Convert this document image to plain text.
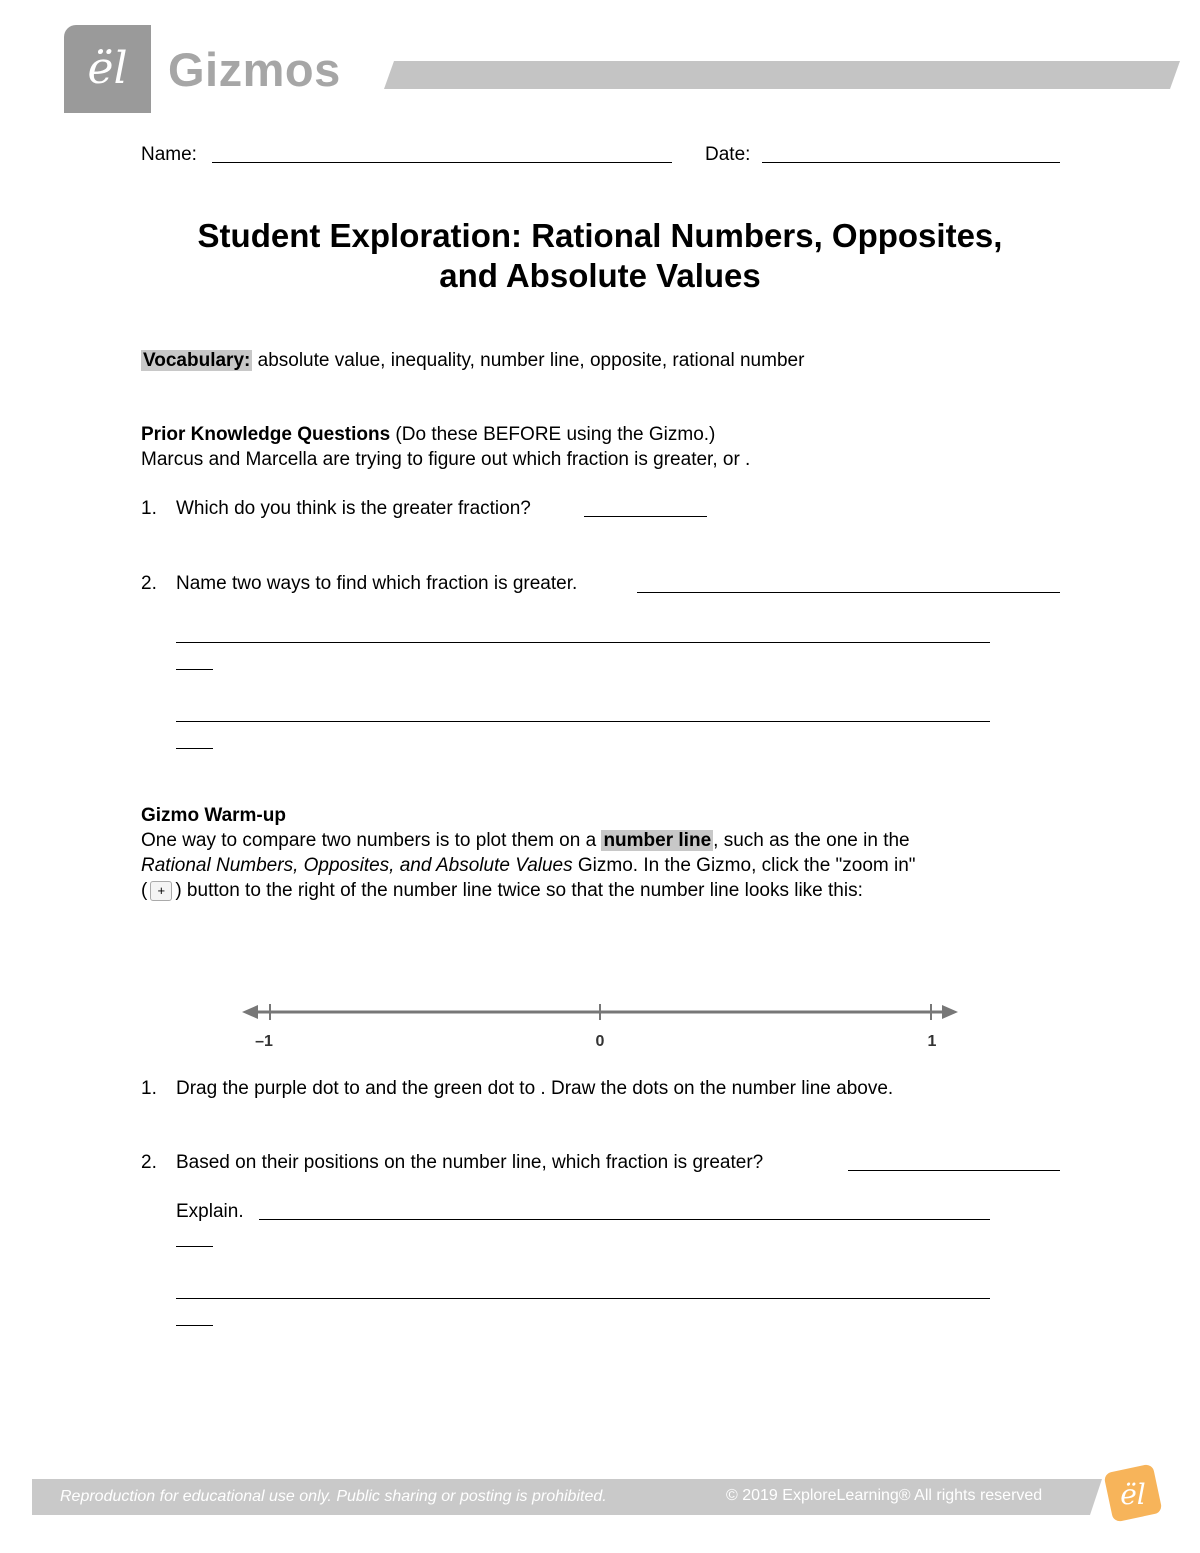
ël Gizmos
Name:	Date:
Student Exploration: Rational Numbers, Opposites,
and Absolute Values
Vocabulary: absolute value, inequality, number line, opposite, rational number
Prior Knowledge Questions (Do these BEFORE using the Gizmo.)
Marcus and Marcella are trying to figure out which fraction is greater, or .
1. Which do you think is the greater fraction?
2. Name two ways to find which fraction is greater.
Gizmo Warm-up
One way to compare two numbers is to plot them on a number line , such as the one in the
Rational Numbers, Opposites, and Absolute Values Gizmo. In the Gizmo, click the "zoom in"
( + ) button to the right of the number line twice so that the number line looks like this:
–1	0	1
1. Drag the purple dot to and the green dot to . Draw the dots on the number line above.
2. Based on their positions on the number line, which fraction is greater?
Explain.
Reproduction for educational use only. Public sharing or posting is prohibited.	© 2019 ExploreLearning® All rights reserved	ël
